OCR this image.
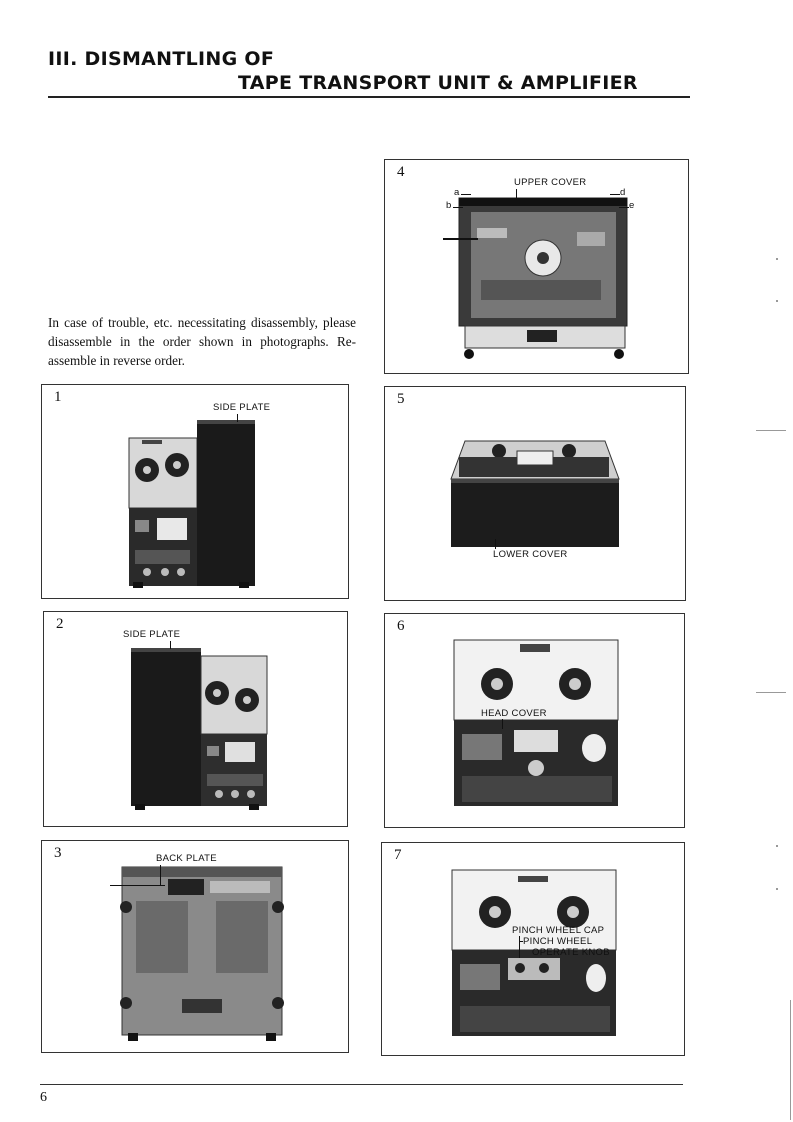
III. DISMANTLING OF
TAPE TRANSPORT UNIT & AMPLIFIER
In case of trouble, etc. necessitating disassembly, please disassemble in the order shown in photographs. Re-assemble in reverse order.
1
SIDE PLATE
2
SIDE PLATE
3	BACK PLATE
4
UPPER COVER
a
b
d
e
5
LOWER COVER
6
HEAD COVER
7
PINCH WHEEL CAP
PINCH WHEEL
OPERATE KNOB
6
